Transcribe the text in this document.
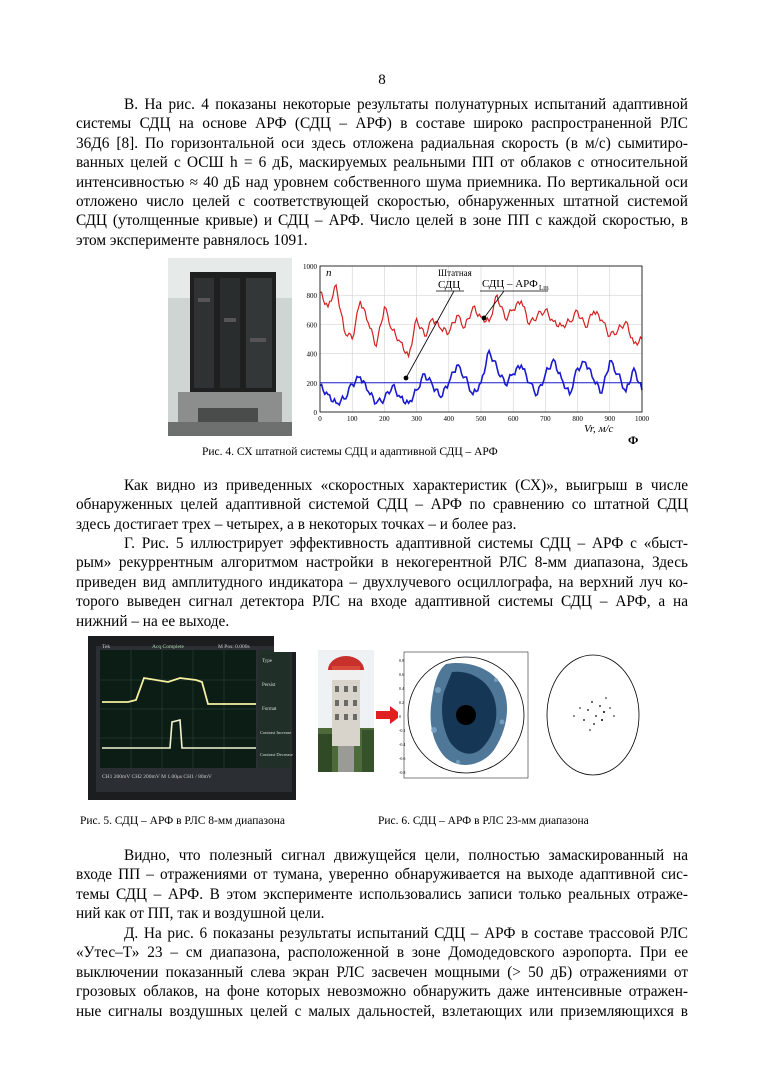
8
В. На рис. 4 показаны некоторые результаты полунатурных испытаний адаптивной
системы СДЦ на основе АРФ (СДЦ – АРФ) в составе широко распространенной РЛС
36Д6 [8]. По горизонтальной оси здесь отложена радиальная скорость (в м/с) сымитиро-
ванных целей с ОСШ h = 6 дБ, маскируемых реальными ПП от облаков с относительной
интенсивностью ≈ 40 дБ над уровнем собственного шума приемника. По вертикальной оси
отложено число целей с соответствующей скоростью, обнаруженных штатной системой
СДЦ (утолщенные кривые) и СДЦ – АРФ. Число целей в зоне ПП с каждой скоростью, в
этом эксперименте равнялось 1091.
0
200
400
600
800
1000
0	100	200	300	400	500	600	700	800	900	1000
n	Штатная
СДЦ СДЦ – АРФ Lm
Vr, м/с
Ф
Рис. 4. СХ штатной системы СДЦ и адаптивной СДЦ – АРФ
Как видно из приведенных «скоростных характеристик (СХ)», выигрыш в числе
обнаруженных целей адаптивной системой СДЦ – АРФ по сравнению со штатной СДЦ
здесь достигает трех – четырех, а в некоторых точках – и более раз.
Г. Рис. 5 иллюстрирует эффективность адаптивной системы СДЦ – АРФ с «быст-
рым» рекуррентным алгоритмом настройки в некогерентной РЛС 8-мм диапазона, Здесь
приведен вид амплитудного индикатора – двухлучевого осциллографа, на верхний луч ко-
торого выведен сигнал детектора РЛС на входе адаптивной системы СДЦ – АРФ, а на
нижний – на ее выходе.
Tek	Acq Complete	M Pos: 0.000s
CH1 200mV CH2 200mV M 1.00μs CH1 / 80mV
Type
Persist
Format
Contrast Increase
Contrast Decrease
0.8
0.6
0.4
0.2
0
-0.2
-0.4
-0.6
-0.8
Рис. 5. СДЦ – АРФ в РЛС 8-мм диапазона	Рис. 6. СДЦ – АРФ в РЛС 23-мм диапазона
Видно, что полезный сигнал движущейся цели, полностью замаскированный на
входе ПП – отражениями от тумана, уверенно обнаруживается на выходе адаптивной сис-
темы СДЦ – АРФ. В этом эксперименте использовались записи только реальных отраже-
ний как от ПП, так и воздушной цели.
Д. На рис. 6 показаны результаты испытаний СДЦ – АРФ в составе трассовой РЛС
«Утес–Т» 23 – см диапазона, расположенной в зоне Домодедовского аэропорта. При ее
выключении показанный слева экран РЛС засвечен мощными (> 50 дБ) отражениями от
грозовых облаков, на фоне которых невозможно обнаружить даже интенсивные отражен-
ные сигналы воздушных целей с малых дальностей, взлетающих или приземляющихся в
